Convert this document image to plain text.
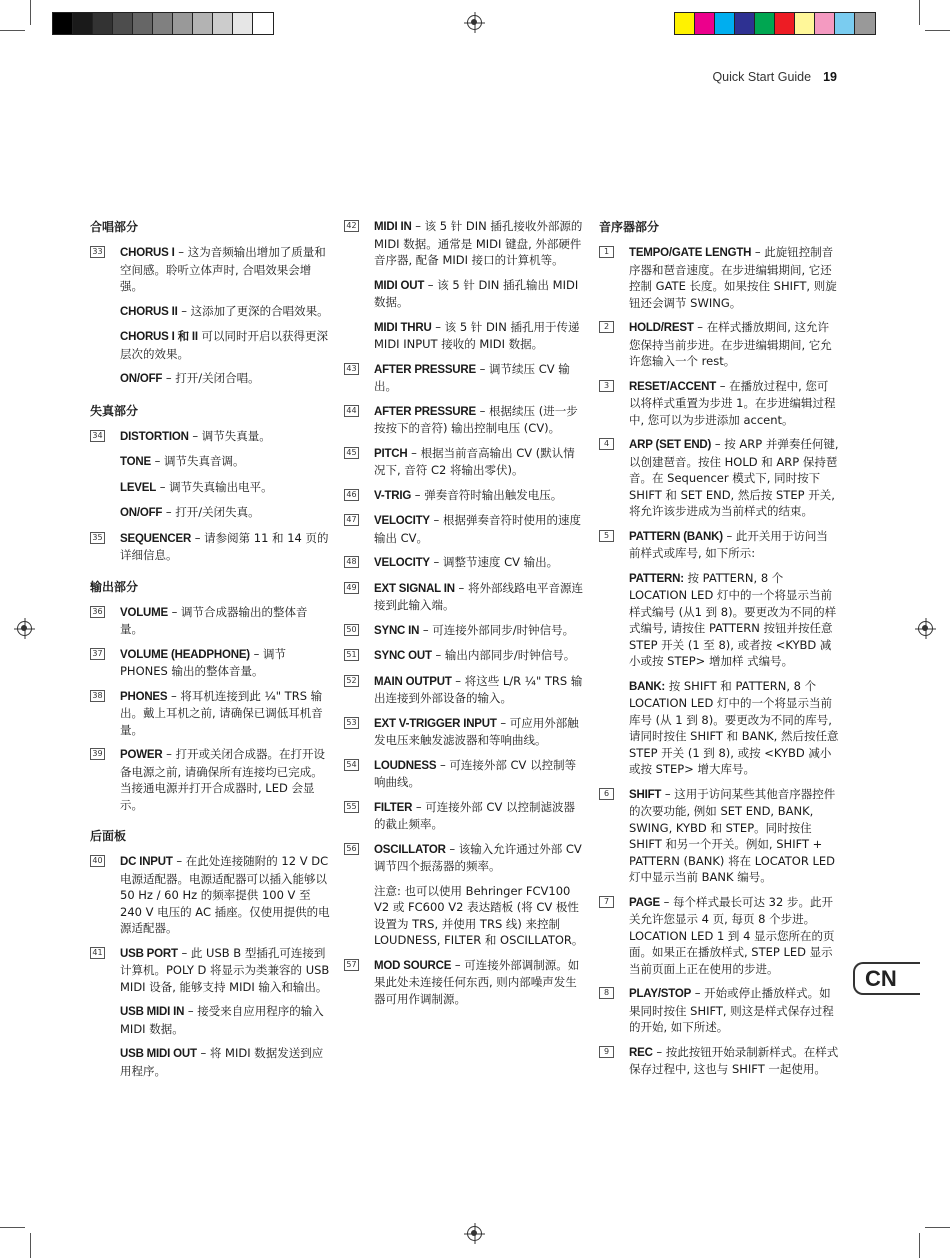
Quick Start Guide 19
合唱部分
33 CHORUS I – 这为音频输出增加了质量和空间感。聆听立体声时, 合唱效果会增强。

CHORUS II – 这添加了更深的合唱效果。

CHORUS I 和 II 可以同时开启以获得更深层次的效果。

ON/OFF – 打开/关闭合唱。

失真部分
34 DISTORTION – 调节失真量。

TONE – 调节失真音调。

LEVEL – 调节失真输出电平。

ON/OFF – 打开/关闭失真。

35 SEQUENCER – 请参阅第 11 和 14 页的详细信息。

输出部分
36 VOLUME – 调节合成器输出的整体音量。

37 VOLUME (HEADPHONE) – 调节 PHONES 输出的整体音量。

38 PHONES – 将耳机连接到此 ¼" TRS 输出。戴上耳机之前, 请确保已调低耳机音量。

39 POWER – 打开或关闭合成器。在打开设备电源之前, 请确保所有连接均已完成。当接通电源并打开合成器时, LED 会显示。

后面板
40 DC INPUT – 在此处连接随附的 12 V DC 电源适配器。电源适配器可以插入能够以 50 Hz / 60 Hz 的频率提供 100 V 至 240 V 电压的 AC 插座。仅使用提供的电源适配器。

41 USB PORT – 此 USB B 型插孔可连接到计算机。POLY D 将显示为类兼容的 USB MIDI 设备, 能够支持 MIDI 输入和输出。

USB MIDI IN – 接受来自应用程序的输入 MIDI 数据。

USB MIDI OUT – 将 MIDI 数据发送到应用程序。

42 MIDI IN – 该 5 针 DIN 插孔接收外部源的 MIDI 数据。通常是 MIDI 键盘, 外部硬件音序器, 配备 MIDI 接口的计算机等。

MIDI OUT – 该 5 针 DIN 插孔输出 MIDI 数据。

MIDI THRU – 该 5 针 DIN 插孔用于传递 MIDI INPUT 接收的 MIDI 数据。

43 AFTER PRESSURE – 调节续压 CV 输出。

44 AFTER PRESSURE – 根据续压 (进一步按按下的音符) 输出控制电压 (CV)。

45 PITCH – 根据当前音高输出 CV (默认情况下, 音符 C2 将输出零伏)。

46 V-TRIG – 弹奏音符时输出触发电压。

47 VELOCITY – 根据弹奏音符时使用的速度输出 CV。

48 VELOCITY – 调整节速度 CV 输出。

49 EXT SIGNAL IN – 将外部线路电平音源连接到此输入端。

50 SYNC IN – 可连接外部同步/时钟信号。

51 SYNC OUT – 输出内部同步/时钟信号。

52 MAIN OUTPUT – 将这些 L/R ¼" TRS 输出连接到外部设备的输入。

53 EXT V-TRIGGER INPUT – 可应用外部触发电压来触发滤波器和等响曲线。

54 LOUDNESS – 可连接外部 CV 以控制等响曲线。

55 FILTER – 可连接外部 CV 以控制滤波器的截止频率。

56 OSCILLATOR – 该输入允许通过外部 CV 调节四个振荡器的频率。

注意: 也可以使用 Behringer FCV100 V2 或 FC600 V2 表达踏板 (将 CV 极性设置为 TRS, 并使用 TRS 线) 来控制 LOUDNESS, FILTER 和 OSCILLATOR。

57 MOD SOURCE – 可连接外部调制源。如果此处未连接任何东西, 则内部噪声发生器可用作调制源。

音序器部分
1	TEMPO/GATE LENGTH – 此旋钮控制音序器和琶音速度。在步进编辑期间, 它还控制 GATE 长度。如果按住 SHIFT, 则旋钮还会调节 SWING。

2	HOLD/REST – 在样式播放期间, 这允许您保持当前步进。在步进编辑期间, 它允许您输入一个 rest。

3	RESET/ACCENT – 在播放过程中, 您可以将样式重置为步进 1。在步进编辑过程中, 您可以为步进添加 accent。

4	ARP (SET END) – 按 ARP 并弹奏任何键, 以创建琶音。按住 HOLD 和 ARP 保持琶音。在 Sequencer 模式下, 同时按下 SHIFT 和 SET END, 然后按 STEP 开关, 将允许该步进成为当前样式的结束。

5	PATTERN (BANK) – 此开关用于访问当前样式或库号, 如下所示:

PATTERN: 按 PATTERN, 8 个 LOCATION LED 灯中的一个将显示当前样式编号 (从1 到 8)。要更改为不同的样式编号, 请按住 PATTERN 按钮并按任意 STEP 开关 (1 至 8), 或者按 <KYBD 减小或按 STEP> 增加样 式编号。

BANK: 按 SHIFT 和 PATTERN, 8 个 LOCATION LED 灯中的一个将显示当前库号 (从 1 到 8)。要更改为不同的库号, 请同时按住 SHIFT 和 BANK, 然后按任意 STEP 开关 (1 到 8), 或按 <KYBD 减小或按 STEP> 增大库号。

6	SHIFT – 这用于访问某些其他音序器控件的次要功能, 例如 SET END, BANK, SWING, KYBD 和 STEP。同时按住 SHIFT 和另一个开关。例如, SHIFT + PATTERN (BANK) 将在 LOCATOR LED 灯中显示当前 BANK 编号。

7	PAGE – 每个样式最长可达 32 步。此开关允许您显示 4 页, 每页 8 个步进。LOCATION LED 1 到 4 显示您所在的页面。如果正在播放样式, STEP LED 显示当前页面上正在使用的步进。

8	PLAY/STOP – 开始或停止播放样式。如果同时按住 SHIFT, 则这是样式保存过程的开始, 如下所述。

9	REC – 按此按钮开始录制新样式。在样式保存过程中, 这也与 SHIFT 一起使用。

CN
